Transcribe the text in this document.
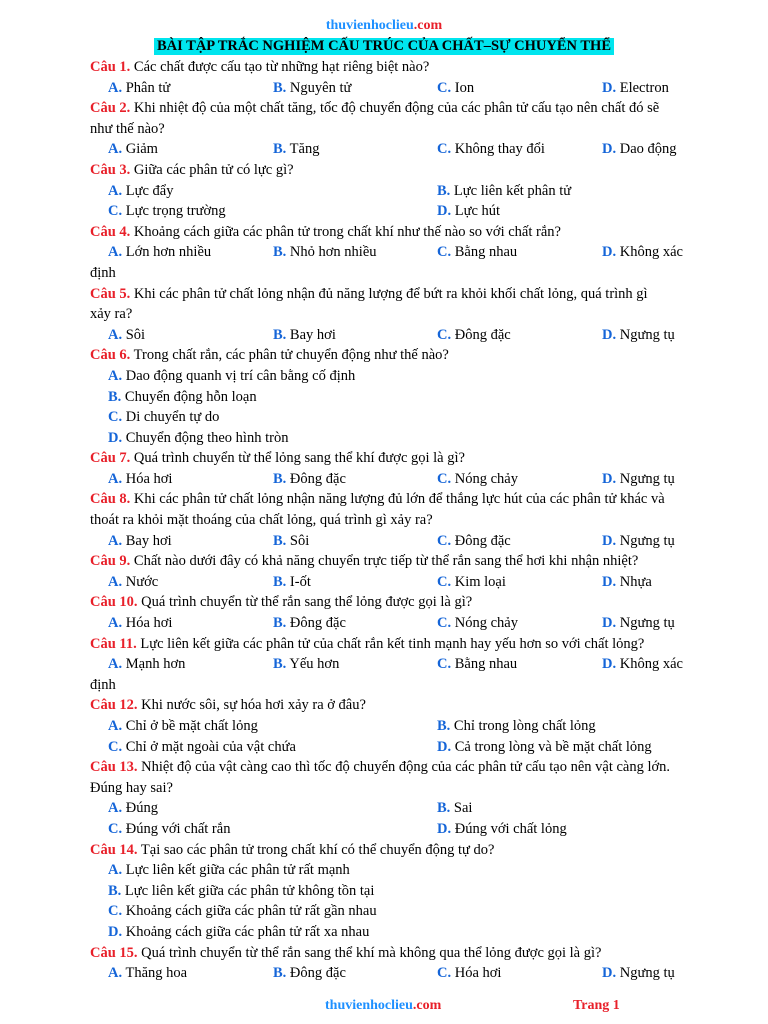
thuvienhoclieu.com
BÀI TẬP TRẮC NGHIỆM CẤU TRÚC CỦA CHẤT–SỰ CHUYỂN THỂ
Câu 1. Các chất được cấu tạo từ những hạt riêng biệt nào?
A. Phân tử	B. Nguyên tử	C. Ion	D. Electron
Câu 2. Khi nhiệt độ của một chất tăng, tốc độ chuyển động của các phân tử cấu tạo nên chất đó sẽ
như thế nào?
A. Giảm	B. Tăng	C. Không thay đổi	D. Dao động
Câu 3. Giữa các phân tử có lực gì?
A. Lực đẩy	B. Lực liên kết phân tử
C. Lực trọng trường	D. Lực hút
Câu 4. Khoảng cách giữa các phân tử trong chất khí như thế nào so với chất rắn?
A. Lớn hơn nhiều	B. Nhỏ hơn nhiều	C. Bằng nhau	D. Không xác
định
Câu 5. Khi các phân tử chất lỏng nhận đủ năng lượng để bứt ra khỏi khối chất lỏng, quá trình gì
xảy ra?
A. Sôi	B. Bay hơi	C. Đông đặc	D. Ngưng tụ
Câu 6. Trong chất rắn, các phân tử chuyển động như thế nào?
A. Dao động quanh vị trí cân bằng cố định
B. Chuyển động hỗn loạn
C. Di chuyển tự do
D. Chuyển động theo hình tròn
Câu 7. Quá trình chuyển từ thể lỏng sang thể khí được gọi là gì?
A. Hóa hơi	B. Đông đặc	C. Nóng chảy	D. Ngưng tụ
Câu 8. Khi các phân tử chất lỏng nhận năng lượng đủ lớn để thắng lực hút của các phân tử khác và
thoát ra khỏi mặt thoáng của chất lỏng, quá trình gì xảy ra?
A. Bay hơi	B. Sôi	C. Đông đặc	D. Ngưng tụ
Câu 9. Chất nào dưới đây có khả năng chuyển trực tiếp từ thể rắn sang thể hơi khi nhận nhiệt?
A. Nước	B. I-ốt	C. Kim loại	D. Nhựa
Câu 10. Quá trình chuyển từ thể rắn sang thể lỏng được gọi là gì?
A. Hóa hơi	B. Đông đặc	C. Nóng chảy	D. Ngưng tụ
Câu 11. Lực liên kết giữa các phân tử của chất rắn kết tinh mạnh hay yếu hơn so với chất lỏng?
A. Mạnh hơn	B. Yếu hơn	C. Bằng nhau	D. Không xác
định
Câu 12. Khi nước sôi, sự hóa hơi xảy ra ở đâu?
A. Chỉ ở bề mặt chất lỏng	B. Chỉ trong lòng chất lỏng
C. Chỉ ở mặt ngoài của vật chứa	D. Cả trong lòng và bề mặt chất lỏng
Câu 13. Nhiệt độ của vật càng cao thì tốc độ chuyển động của các phân tử cấu tạo nên vật càng lớn.
Đúng hay sai?
A. Đúng	B. Sai
C. Đúng với chất rắn	D. Đúng với chất lỏng
Câu 14. Tại sao các phân tử trong chất khí có thể chuyển động tự do?
A. Lực liên kết giữa các phân tử rất mạnh
B. Lực liên kết giữa các phân tử không tồn tại
C. Khoảng cách giữa các phân tử rất gần nhau
D. Khoảng cách giữa các phân tử rất xa nhau
Câu 15. Quá trình chuyển từ thể rắn sang thể khí mà không qua thể lỏng được gọi là gì?
A. Thăng hoa	B. Đông đặc	C. Hóa hơi	D. Ngưng tụ
thuvienhoclieu.com	Trang 1
